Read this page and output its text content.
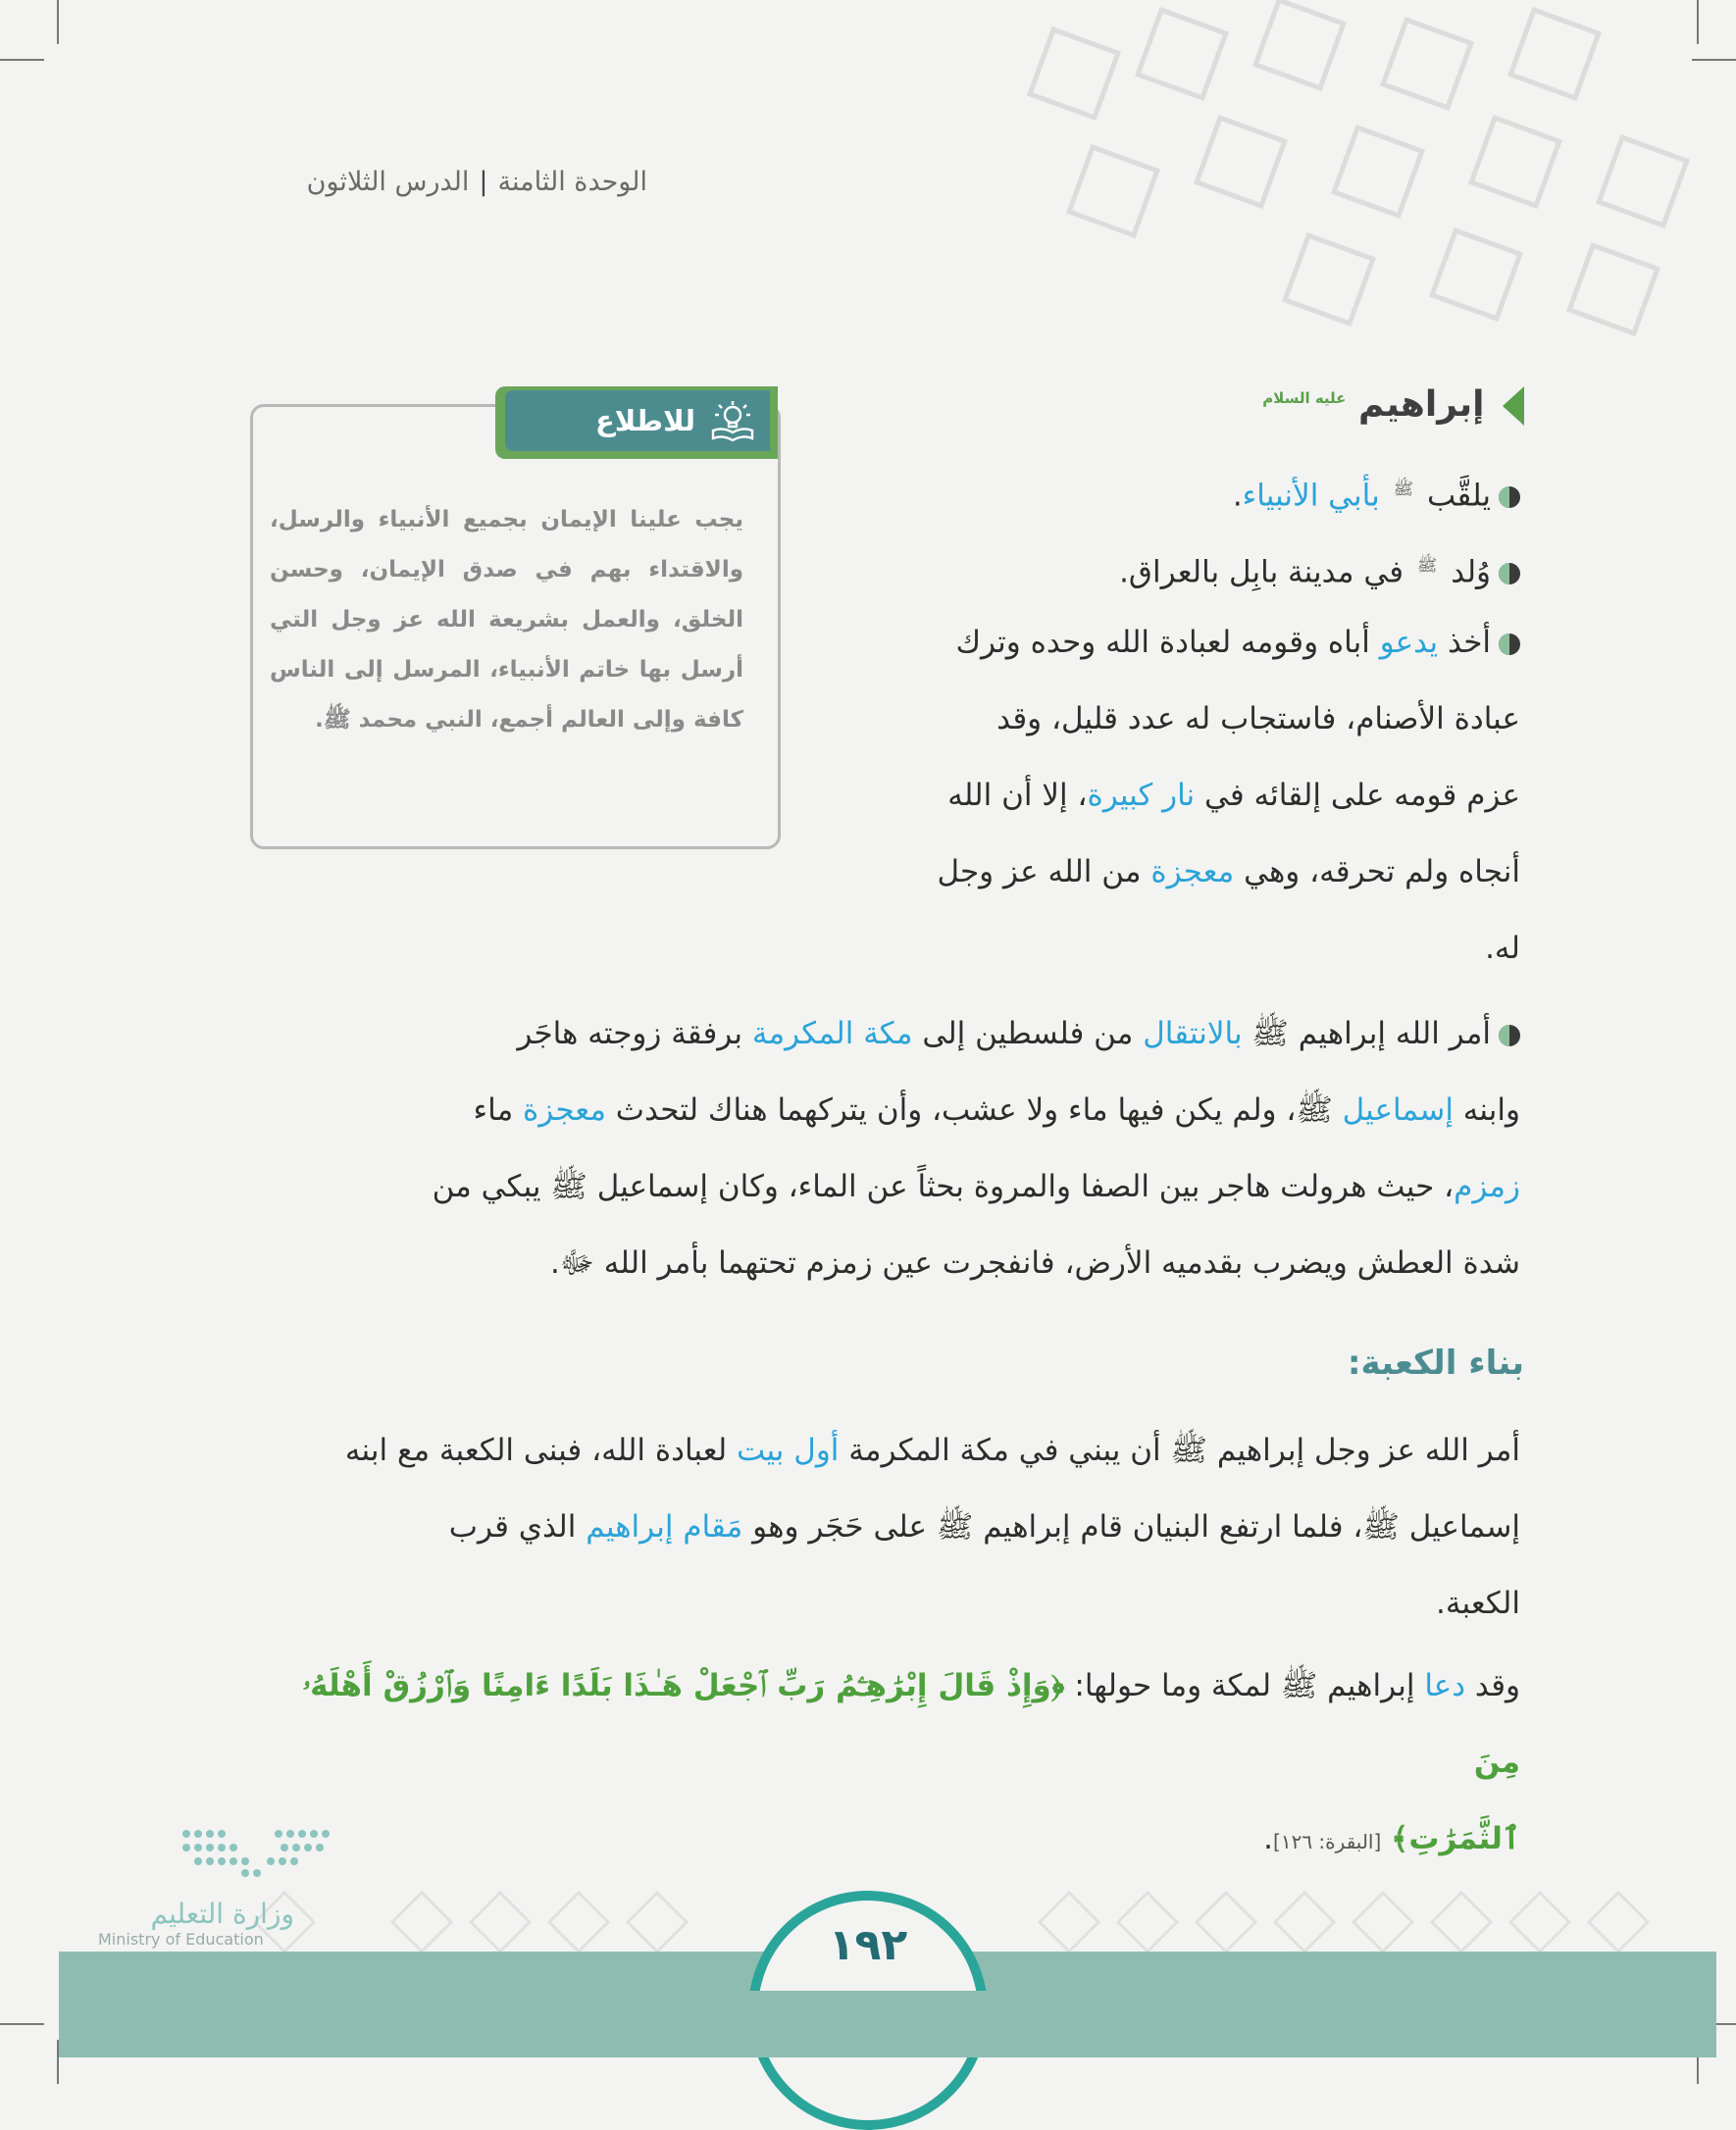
الوحدة الثامنة|الدرس الثلاثون
إبراهيم $^{عليه السلام}$
يلقَّب $^ﷺ$ بأبي الأنبياء.
وُلد $^ﷺ$ في مدينة بابِل بالعراق.
أخذ يدعو أباه وقومه لعبادة الله وحده وترك
عبادة الأصنام، فاستجاب له عدد قليل، وقد
عزم قومه على إلقائه في نار كبيرة، إلا أن الله
أنجاه ولم تحرقه، وهي معجزة من الله عز وجل
له.
للاطلاع
يجب علينا الإيمان بجميع الأنبياء والرسل، والاقتداء بهم في صدق الإيمان، وحسن الخلق، والعمل بشريعة الله عز وجل التي أرسل بها خاتم الأنبياء، المرسل إلى الناس كافة وإلى العالم أجمع، النبي محمد ﷺ.
أمر الله إبراهيم ﷺ بالانتقال من فلسطين إلى مكة المكرمة برفقة زوجته هاجَر
وابنه إسماعيل ﷺ، ولم يكن فيها ماء ولا عشب، وأن يتركهما هناك لتحدث معجزة ماء
زمزم، حيث هرولت هاجر بين الصفا والمروة بحثاً عن الماء، وكان إسماعيل ﷺ يبكي من
شدة العطش ويضرب بقدميه الأرض، فانفجرت عين زمزم تحتهما بأمر الله ﷻ.
بناء الكعبة:
أمر الله عز وجل إبراهيم ﷺ أن يبني في مكة المكرمة أول بيت لعبادة الله، فبنى الكعبة مع ابنه
إسماعيل ﷺ، فلما ارتفع البنيان قام إبراهيم ﷺ على حَجَر وهو مَقام إبراهيم الذي قرب
الكعبة.
وقد دعا إبراهيم ﷺ لمكة وما حولها: ﴿وَإِذْ قَالَ إِبْرَٰهِـۧمُ رَبِّ ٱجْعَلْ هَـٰذَا بَلَدًا ءَامِنًا وَٱرْزُقْ أَهْلَهُۥ مِنَ
ٱلثَّمَرَٰتِ﴾ [البقرة: ١٢٦].
وزارة التعليم
Ministry of Education	١٩٢
